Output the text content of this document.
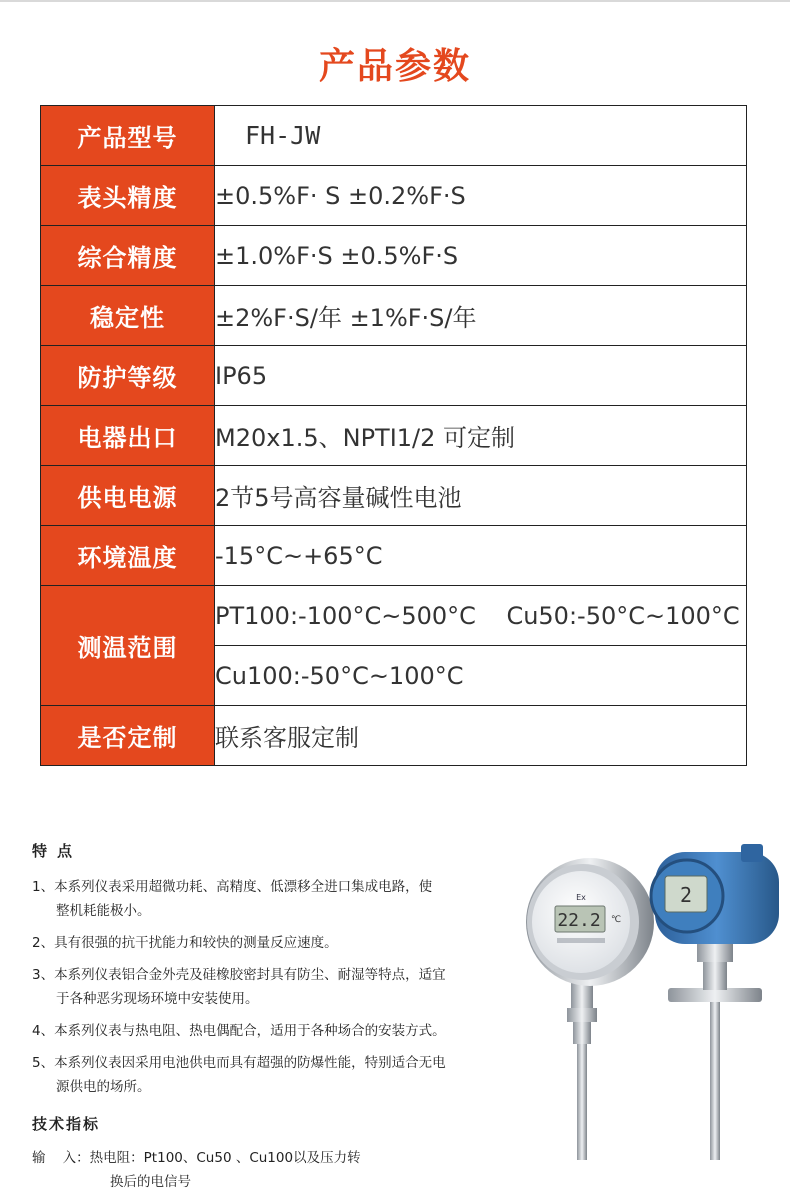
产品参数
产品型号	FH-JW
表头精度	±0.5%F· S ±0.2%F·S
综合精度	±1.0%F·S ±0.5%F·S
稳定性	±2%F·S/年 ±1%F·S/年
防护等级	IP65
电器出口	M20x1.5、NPTI1/2 可定制
供电电源	2节5号高容量碱性电池
环境温度	-15°C~+65°C
测温范围	PT100:-100°C~500°C    Cu50:-50°C~100°C
	Cu100:-50°C~100°C
是否定制	联系客服定制
特点
1、本系列仪表采用超微功耗、高精度、低漂移全进口集成电路，使
整机耗能极小。
2、具有很强的抗干扰能力和较快的测量反应速度。
3、本系列仪表铝合金外壳及硅橡胶密封具有防尘、耐湿等特点，适宜
于各种恶劣现场环境中安装使用。
4、本系列仪表与热电阻、热电偶配合，适用于各种场合的安装方式。
5、本系列仪表因采用电池供电而具有超强的防爆性能，特别适合无电
源供电的场所。
技术指标
输    入：热电阻：Pt100、Cu50 、Cu100以及压力转
换后的电信号
Ex
22.2 ℃
2
